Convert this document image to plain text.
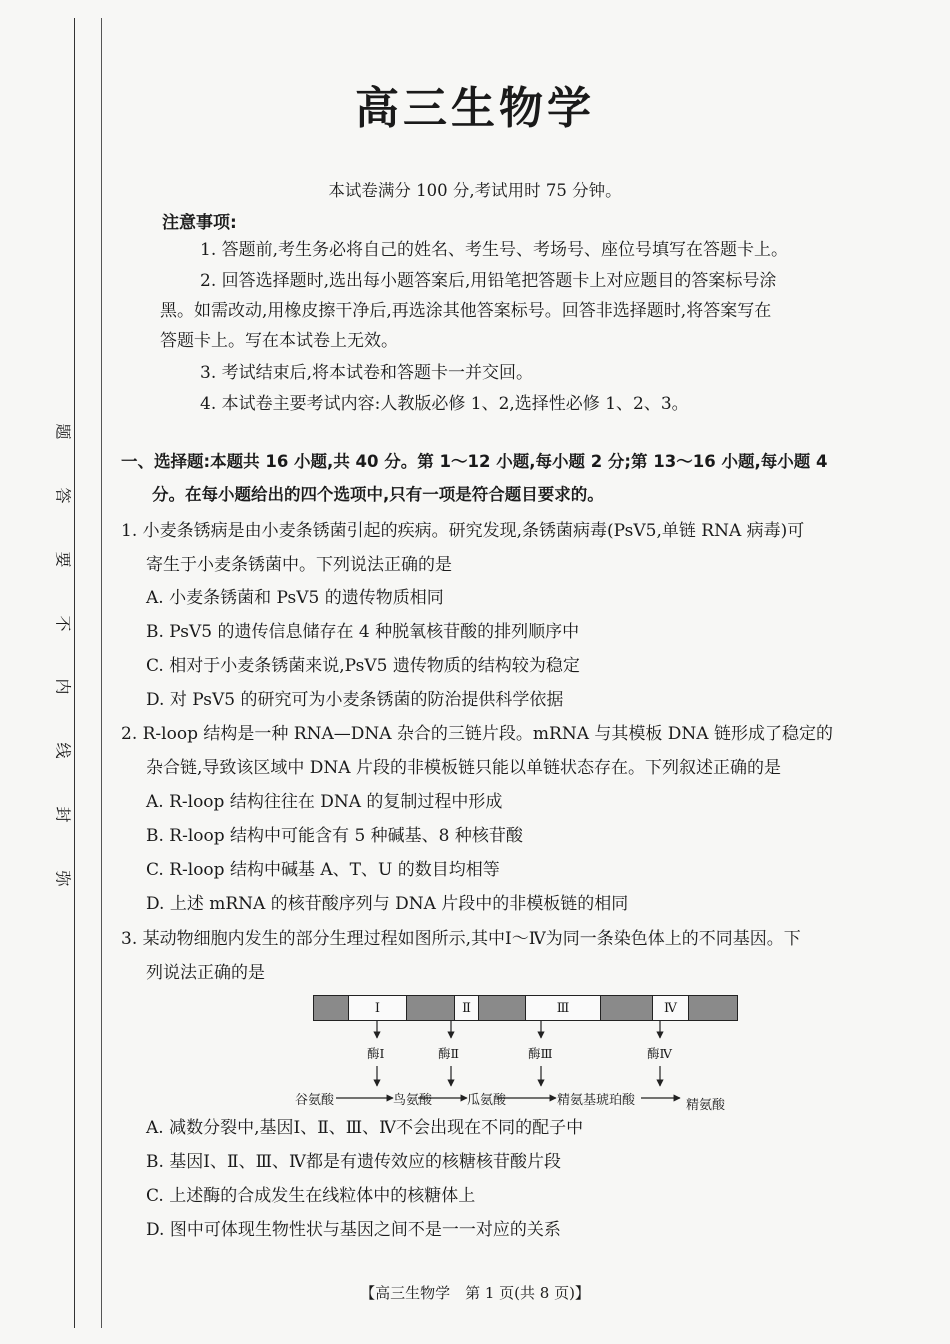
题
答
要
不
内
线
封
弥
高三生物学
本试卷满分 100 分,考试用时 75 分钟。
注意事项:
1. 答题前,考生务必将自己的姓名、考生号、考场号、座位号填写在答题卡上。
2. 回答选择题时,选出每小题答案后,用铅笔把答题卡上对应题目的答案标号涂
黑。如需改动,用橡皮擦干净后,再选涂其他答案标号。回答非选择题时,将答案写在
答题卡上。写在本试卷上无效。
3. 考试结束后,将本试卷和答题卡一并交回。
4. 本试卷主要考试内容:人教版必修 1、2,选择性必修 1、2、3。
一、选择题:本题共 16 小题,共 40 分。第 1～12 小题,每小题 2 分;第 13～16 小题,每小题 4
分。在每小题给出的四个选项中,只有一项是符合题目要求的。
1. 小麦条锈病是由小麦条锈菌引起的疾病。研究发现,条锈菌病毒(PsV5,单链 RNA 病毒)可
寄生于小麦条锈菌中。下列说法正确的是
A. 小麦条锈菌和 PsV5 的遗传物质相同
B. PsV5 的遗传信息储存在 4 种脱氧核苷酸的排列顺序中
C. 相对于小麦条锈菌来说,PsV5 遗传物质的结构较为稳定
D. 对 PsV5 的研究可为小麦条锈菌的防治提供科学依据
2. R-loop 结构是一种 RNA—DNA 杂合的三链片段。mRNA 与其模板 DNA 链形成了稳定的
杂合链,导致该区域中 DNA 片段的非模板链只能以单链状态存在。下列叙述正确的是
A. R-loop 结构往往在 DNA 的复制过程中形成
B. R-loop 结构中可能含有 5 种碱基、8 种核苷酸
C. R-loop 结构中碱基 A、T、U 的数目均相等
D. 上述 mRNA 的核苷酸序列与 DNA 片段中的非模板链的相同
3. 某动物细胞内发生的部分生理过程如图所示,其中Ⅰ～Ⅳ为同一条染色体上的不同基因。下
列说法正确的是
Ⅰ	Ⅱ	Ⅲ	Ⅳ
酶Ⅰ	酶Ⅱ	酶Ⅲ	酶Ⅳ
谷氨酸	鸟氨酸	瓜氨酸	精氨基琥珀酸	精氨酸
A. 减数分裂中,基因Ⅰ、Ⅱ、Ⅲ、Ⅳ不会出现在不同的配子中
B. 基因Ⅰ、Ⅱ、Ⅲ、Ⅳ都是有遗传效应的核糖核苷酸片段
C. 上述酶的合成发生在线粒体中的核糖体上
D. 图中可体现生物性状与基因之间不是一一对应的关系
【高三生物学　第 1 页(共 8 页)】
